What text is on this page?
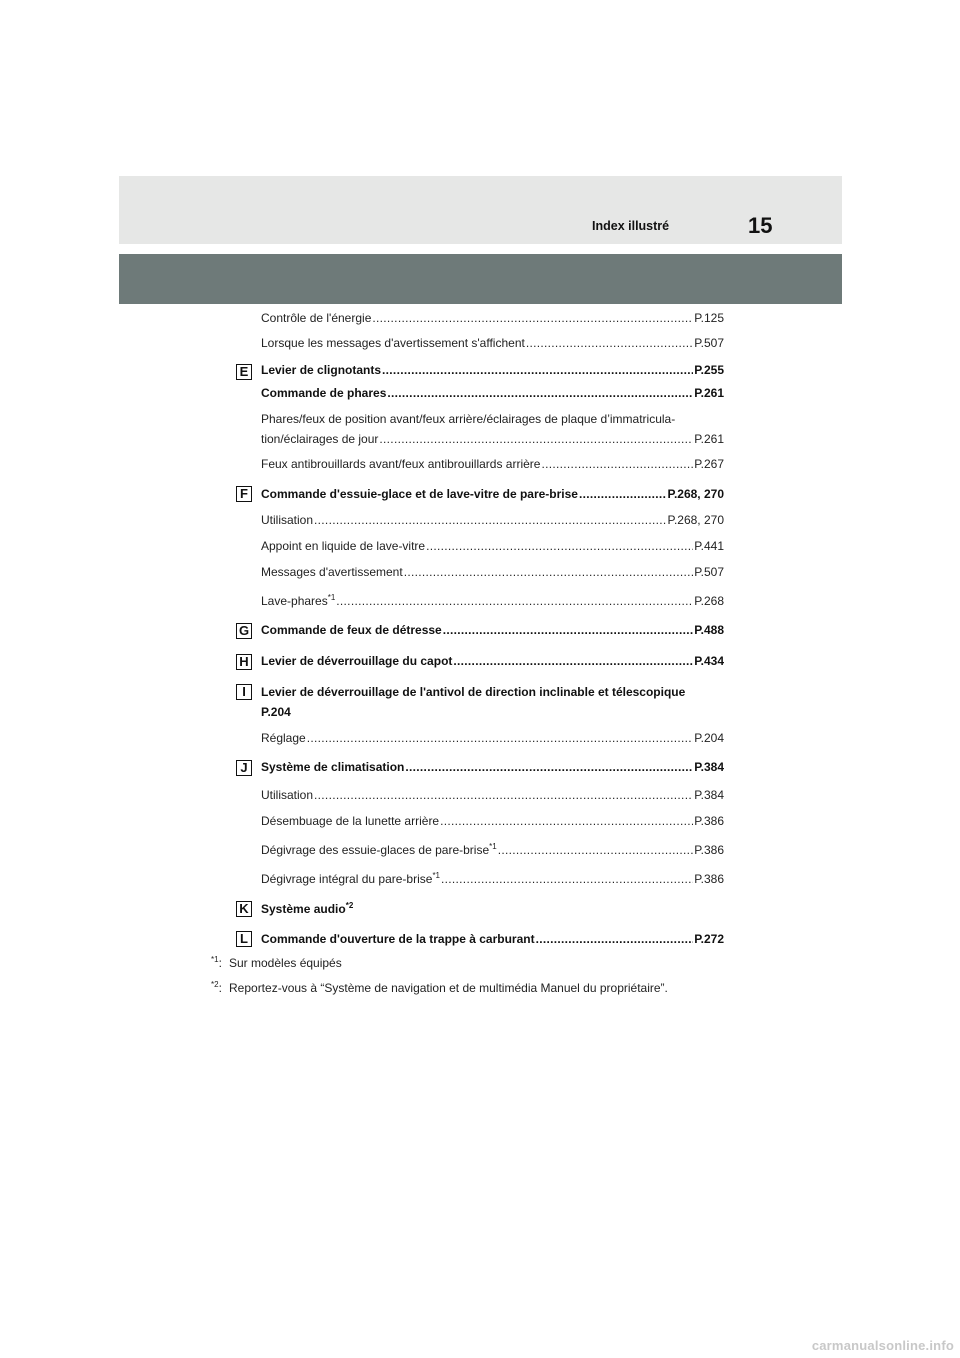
Index illustré	15
Contrôle de l'énergie .....	P.125
Lorsque les messages d'avertissement s'affichent .....	P.507
E	Levier de clignotants .....	P.255
Commande de phares .....	P.261
Phares/feux de position avant/feux arrière/éclairages de plaque d’immatricula-
tion/éclairages de jour .....	P.261
Feux antibrouillards avant/feux antibrouillards arrière .....	P.267
F	Commande d'essuie-glace et de lave-vitre de pare-brise .....	P.268, 270
Utilisation .....	P.268, 270
Appoint en liquide de lave-vitre .....	P.441
Messages d'avertissement .....	P.507
Lave-phares$^{*1}$ .....	P.268
G Commande de feux de détresse .....	P.488
H Levier de déverrouillage du capot .....	P.434
I	Levier de déverrouillage de l'antivol de direction inclinable et télescopique
P.204
Réglage .....	P.204
J	Système de climatisation .....	P.384
Utilisation .....	P.384
Désembuage de la lunette arrière .....	P.386
Dégivrage des essuie-glaces de pare-brise$^{*1}$ .....	P.386
Dégivrage intégral du pare-brise$^{*1}$ .....	P.386
K Système audio$^{*2}$
L	Commande d'ouverture de la trappe à carburant .....	P.272
$^{*1}$: Sur modèles équipés
$^{*2}$: Reportez-vous à “Système de navigation et de multimédia Manuel du propriétaire”.
carmanualsonline.info
